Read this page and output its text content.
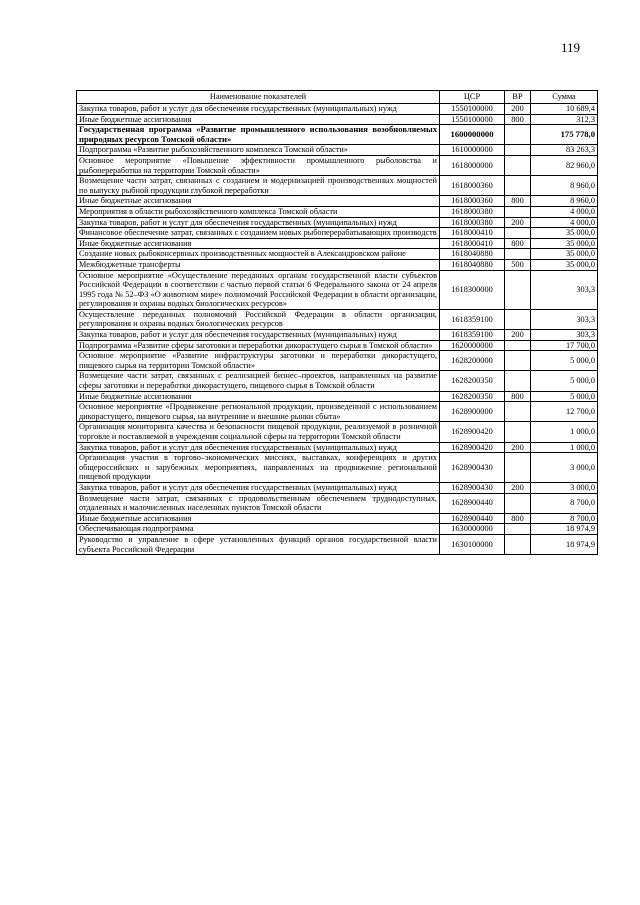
119
Наименование показателей	ЦСР	ВР	Сумма
Закупка товаров, работ и услуг для обеспечения государственных (муниципальных) нужд	1550100000	200	10 689,4
Иные бюджетные ассигнования	1550100000	800	312,3
Государственная программа «Развитие промышленного использования возобновляемых природных ресурсов Томской области»	1600000000		175 778,0
Подпрограмма «Развитие рыбохозяйственного комплекса Томской области»	1610000000		83 263,3
Основное мероприятие «Повышение эффективности промышленного рыболовства и рыбопереработки на территории Томской области»	1618000000		82 960,0
Возмещение части затрат, связанных с созданием и модернизацией производственных мощностей по выпуску рыбной продукции глубокой переработки	1618000360		8 960,0
Иные бюджетные ассигнования	1618000360	800	8 960,0
Мероприятия в области рыбохозяйственного комплекса Томской области	1618000380		4 000,0
Закупка товаров, работ и услуг для обеспечения государственных (муниципальных) нужд	1618000380	200	4 000,0
Финансовое обеспечение затрат, связанных с созданием новых рыбоперерабатывающих производств	1618000410		35 000,0
Иные бюджетные ассигнования	1618000410	800	35 000,0
Создание новых рыбоконсервных производственных мощностей в Александровском районе	1618040880		35 000,0
Межбюджетные трансферты	1618040880	500	35 000,0
Основное мероприятие «Осуществление переданных органам государственной власти субъектов Российской Федерации в соответствии с частью первой статьи 6 Федерального закона от 24 апреля 1995 года № 52–ФЗ «О животном мире» полномочий Российской Федерации в области организации, регулирования и охраны водных биологических ресурсов»	1618300000		303,3
Осуществление переданных полномочий Российской Федерации в области организации, регулирования и охраны водных биологических ресурсов	1618359100		303,3
Закупка товаров, работ и услуг для обеспечения государственных (муниципальных) нужд	1618359100	200	303,3
Подпрограмма «Развитие сферы заготовки и переработки дикорастущего сырья в Томской области»	1620000000		17 700,0
Основное мероприятие «Развитие инфраструктуры заготовки и переработки дикорастущего, пищевого сырья на территории Томской области»	1628200000		5 000,0
Возмещение части затрат, связанных с реализацией бизнес–проектов, направленных на развитие сферы заготовки и переработки дикорастущего, пищевого сырья в Томской области	1628200350		5 000,0
Иные бюджетные ассигнования	1628200350	800	5 000,0
Основное мероприятие «Продвижение региональной продукции, произведенной с использованием дикорастущего, пищевого сырья, на внутренние и внешние рынки сбыта»	1628900000		12 700,0
Организация мониторинга качества и безопасности пищевой продукции, реализуемой в розничной торговле и поставляемой в учреждения социальной сферы на территории Томской области	1628900420		1 000,0
Закупка товаров, работ и услуг для обеспечения государственных (муниципальных) нужд	1628900420	200	1 000,0
Организация участия в торгово–экономических миссиях, выставках, конференциях и других общероссийских и зарубежных мероприятиях, направленных на продвижение региональной пищевой продукции	1628900430		3 000,0
Закупка товаров, работ и услуг для обеспечения государственных (муниципальных) нужд	1628900430	200	3 000,0
Возмещение части затрат, связанных с продовольственным обеспечением труднодоступных, отдаленных и малочисленных населенных пунктов Томской области	1628900440		8 700,0
Иные бюджетные ассигнования	1628900440	800	8 700,0
Обеспечивающая подпрограмма	1630000000		18 974,9
Руководство и управление в сфере установленных функций органов государственной власти субъекта Российской Федерации	1630100000		18 974,9
